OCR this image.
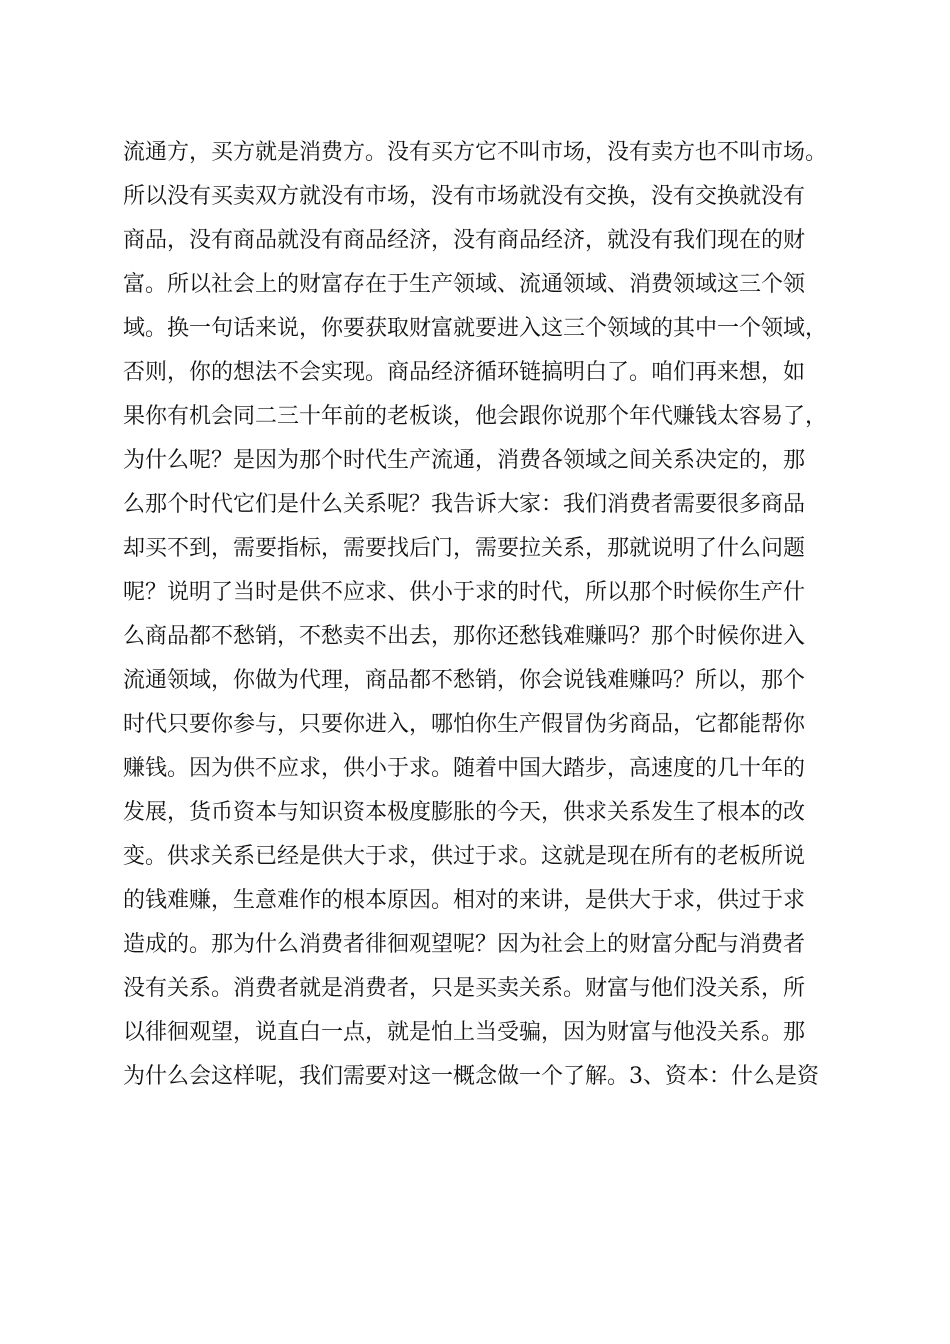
流通方，买方就是消费方。没有买方它不叫市场，没有卖方也不叫市场。
所以没有买卖双方就没有市场，没有市场就没有交换，没有交换就没有
商品，没有商品就没有商品经济，没有商品经济，就没有我们现在的财
富。所以社会上的财富存在于生产领域、流通领域、消费领域这三个领
域。换一句话来说，你要获取财富就要进入这三个领域的其中一个领域，
否则，你的想法不会实现。商品经济循环链搞明白了。咱们再来想，如
果你有机会同二三十年前的老板谈，他会跟你说那个年代赚钱太容易了，
为什么呢？是因为那个时代生产流通，消费各领域之间关系决定的，那
么那个时代它们是什么关系呢？我告诉大家：我们消费者需要很多商品
却买不到，需要指标，需要找后门，需要拉关系，那就说明了什么问题
呢？说明了当时是供不应求、供小于求的时代，所以那个时候你生产什
么商品都不愁销，不愁卖不出去，那你还愁钱难赚吗？那个时候你进入
流通领域，你做为代理，商品都不愁销，你会说钱难赚吗？所以，那个
时代只要你参与，只要你进入，哪怕你生产假冒伪劣商品，它都能帮你
赚钱。因为供不应求，供小于求。随着中国大踏步，高速度的几十年的
发展，货币资本与知识资本极度膨胀的今天，供求关系发生了根本的改
变。供求关系已经是供大于求，供过于求。这就是现在所有的老板所说
的钱难赚，生意难作的根本原因。相对的来讲，是供大于求，供过于求
造成的。那为什么消费者徘徊观望呢？因为社会上的财富分配与消费者
没有关系。消费者就是消费者，只是买卖关系。财富与他们没关系，所
以徘徊观望，说直白一点，就是怕上当受骗，因为财富与他没关系。那
为什么会这样呢，我们需要对这一概念做一个了解。3、资本：什么是资
